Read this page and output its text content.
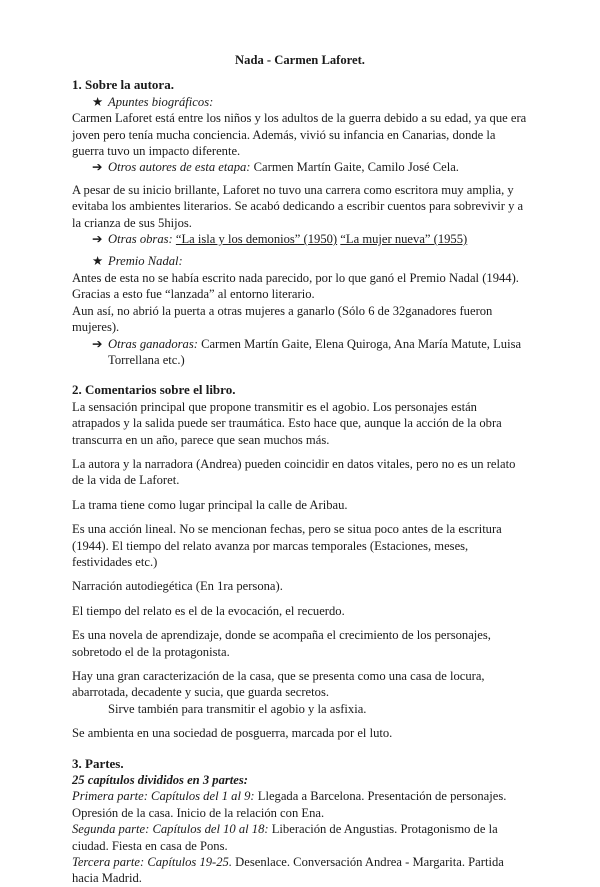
Nada - Carmen Laforet.
1. Sobre la autora.

★ Apuntes biográficos:

Carmen Laforet está entre los niños y los adultos de la guerra debido a su edad, ya que era joven pero tenía mucha conciencia. Además, vivió su infancia en Canarias, donde la guerra tuvo un impacto diferente.

➔ Otros autores de esta etapa: Carmen Martín Gaite, Camilo José Cela.

A pesar de su inicio brillante, Laforet no tuvo una carrera como escritora muy amplia, y evitaba los ambientes literarios. Se acabó dedicando a escribir cuentos para sobrevivir y a la crianza de sus 5hijos.

➔ Otras obras: “La isla y los demonios” (1950) “La mujer nueva” (1955)

★ Premio Nadal:

Antes de esta no se había escrito nada parecido, por lo que ganó el Premio Nadal (1944). Gracias a esto fue “lanzada” al entorno literario.

Aun así, no abrió la puerta a otras mujeres a ganarlo (Sólo 6 de 32ganadores fueron mujeres).

➔ Otras ganadoras: Carmen Martín Gaite, Elena Quiroga, Ana María Matute, Luisa Torrellana etc.)

2. Comentarios sobre el libro.

La sensación principal que propone transmitir es el agobio. Los personajes están atrapados y la salida puede ser traumática. Esto hace que, aunque la acción de la obra transcurra en un año, parece que sean muchos más.

La autora y la narradora (Andrea) pueden coincidir en datos vitales, pero no es un relato de la vida de Laforet.

La trama tiene como lugar principal la calle de Aribau.

Es una acción lineal. No se mencionan fechas, pero se situa poco antes de la escritura (1944). El tiempo del relato avanza por marcas temporales (Estaciones, meses, festividades etc.)

Narración autodiegética (En 1ra persona).

El tiempo del relato es el de la evocación, el recuerdo.

Es una novela de aprendizaje, donde se acompaña el crecimiento de los personajes, sobretodo el de la protagonista.

Hay una gran caracterización de la casa, que se presenta como una casa de locura, abarrotada, decadente y sucia, que guarda secretos.

Sirve también para transmitir el agobio y la asfixia.

Se ambienta en una sociedad de posguerra, marcada por el luto.

3. Partes.

25 capítulos divididos en 3 partes:

Primera parte: Capítulos del 1 al 9: Llegada a Barcelona. Presentación de personajes. Opresión de la casa. Inicio de la relación con Ena.

Segunda parte: Capítulos del 10 al 18: Liberación de Angustias. Protagonismo de la ciudad. Fiesta en casa de Pons.

Tercera parte: Capítulos 19-25. Desenlace. Conversación Andrea - Margarita. Partida hacia Madrid.
